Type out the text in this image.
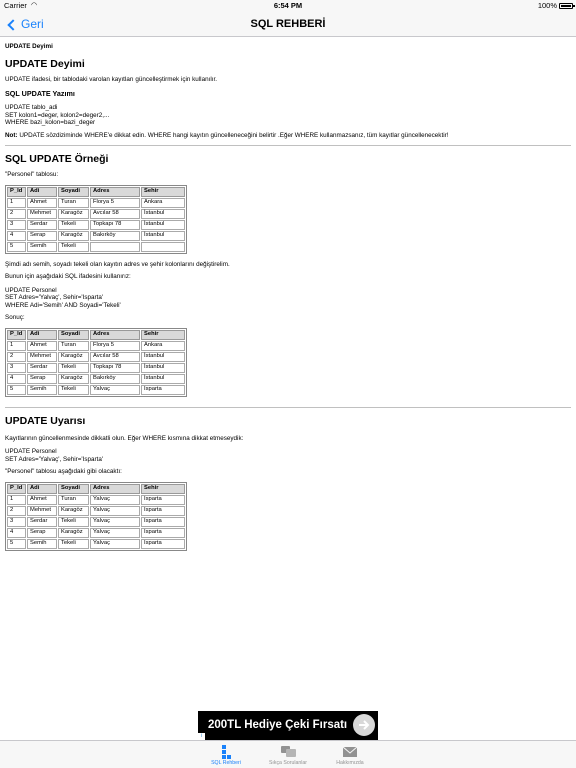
Carrier ◠	6:54 PM	100%
Geri	SQL REHBERİ
UPDATE Deyimi
UPDATE Deyimi

UPDATE ifadesi, bir tablodaki varolan kayıtları güncelleştirmek için kullanılır.

SQL UPDATE Yazımı
UPDATE tablo_adi
SET kolon1=deger, kolon2=deger2,...
WHERE bazi_kolon=bazi_deger

Not: UPDATE sözdiziminde WHERE'e dikkat edin. WHERE hangi kayıtın güncelleneceğini belirtir .Eğer WHERE kullanmazsanız, tüm kayıtlar güncellenecektir!

SQL UPDATE Örneği

"Personel" tablosu:

P_Id	Adi	Soyadi	Adres	Sehir
1	Ahmet	Turan	Florya 5	Ankara
2	Mehmet	Karagöz	Avcılar 58	İstanbul
3	Serdar	Tekeli	Topkapı 78	İstanbul
4	Serap	Karagöz	Bakırköy	İstanbul
5	Semih	Tekeli		

Şimdi adı semih, soyadı tekeli olan kayıtın adres ve şehir kolonlarını değiştirelim.

Bunun için aşağıdaki SQL ifadesini kullanırız:

UPDATE Personel
SET Adres='Yalvaç', Sehir='Isparta'
WHERE Adi='Semih' AND Soyadi='Tekeli'

Sonuç:

P_Id	Adi	Soyadi	Adres	Sehir
1	Ahmet	Turan	Florya 5	Ankara
2	Mehmet	Karagöz	Avcılar 58	İstanbul
3	Serdar	Tekeli	Topkapı 78	İstanbul
4	Serap	Karagöz	Bakırköy	İstanbul
5	Semih	Tekeli	Yalvaç	Isparta
UPDATE Uyarısı

Kayıtlarının güncellenmesinde dikkatli olun. Eğer WHERE kısmına dikkat etmeseydik:

UPDATE Personel
SET Adres='Yalvaç', Sehir='Isparta'

"Personel" tablosu aşağıdaki gibi olacaktı:

P_Id	Adi	Soyadi	Adres	Sehir
1	Ahmet	Turan	Yalvaç	Isparta
2	Mehmet	Karagöz	Yalvaç	Isparta
3	Serdar	Tekeli	Yalvaç	Isparta
4	Serap	Karagöz	Yalvaç	Isparta
5	Semih	Tekeli	Yalvaç	Isparta
200TL Hediye Çeki Fırsatı
i
SQL Rehberi	Sıkça Sorulanlar	Hakkımızda
